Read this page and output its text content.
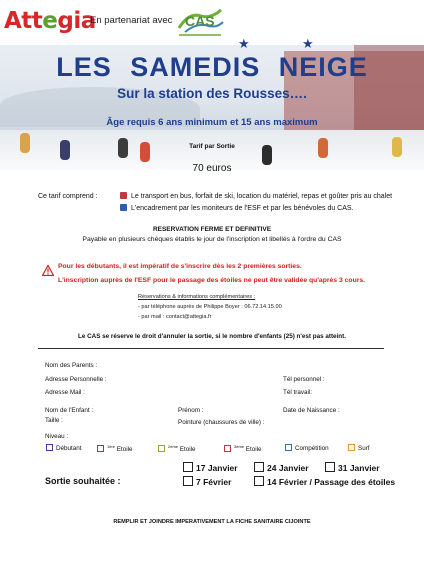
Attegia
En partenariat avec CAS
★	★
LES SAMEDIS NEIGE
Sur la station des Rousses….
Âge requis 6 ans minimum et 15 ans maximum
Tarif par Sortie
70 euros
Ce tarif comprend :	Le transport en bus, forfait de ski, location du matériel, repas et goûter pris au chalet
L'encadrement par les moniteurs de l'ESF et par les bénévoles du CAS.
RESERVATION FERME ET DEFINITIVE
Payable en plusieurs chèques établis le jour de l'inscription et libellés à l'ordre du CAS
Pour les débutants, il est impératif de s'inscrire dès les 2 premières sorties.
L'inscription auprès de l'ESF pour le passage des étoiles ne peut être validée qu'après 3 cours.
Réservations & informations complémentaires :
- par téléphone auprès de Philippe Boyer : 06.72.14.15.00
- par mail : contact@attegia.fr
Le CAS se réserve le droit d'annuler la sortie, si le nombre d'enfants (25) n'est pas atteint.
Nom des Parents :
Adresse Personnelle :	Tél personnel :
Adresse Mail :	Tél travail:
Nom de l'Enfant :	Prénom :	Date de Naissance :
Taille :	Pointure (chaussures de ville) :
Niveau :
Débutant	$^{1ère}$ Etoile	$^{2ème}$ Etoile	$^{3ème}$ Etoile	Compétition	Surf
Sortie souhaitée :
17 Janvier	24 Janvier	31 Janvier
7 Février	14 Février / Passage des étoiles
REMPLIR ET JOINDRE IMPERATIVEMENT LA FICHE SANITAIRE CIJOINTE
